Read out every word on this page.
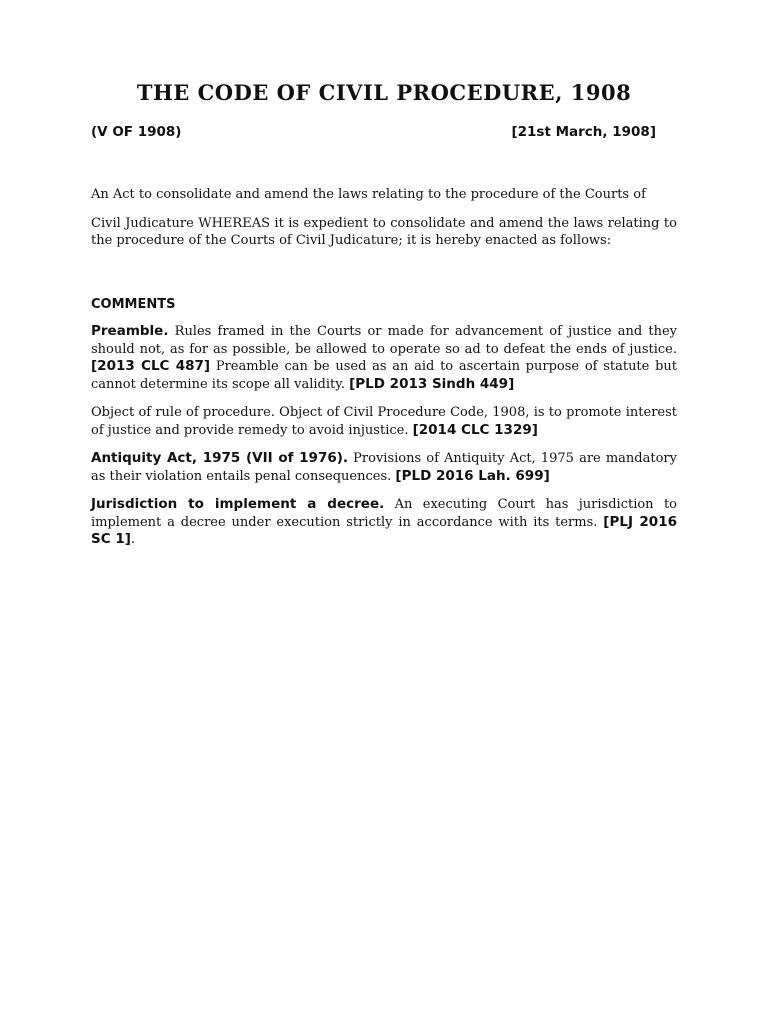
THE CODE OF CIVIL PROCEDURE, 1908
(V OF 1908)	[21st March, 1908]

An Act to consolidate and amend the laws relating to the procedure of the Courts of

Civil Judicature WHEREAS it is expedient to consolidate and amend the laws relating to the procedure of the Courts of Civil Judicature; it is hereby enacted as follows:

COMMENTS

Preamble. Rules framed in the Courts or made for advancement of justice and they should not, as for as possible, be allowed to operate so ad to defeat the ends of justice. [2013 CLC 487] Preamble can be used as an aid to ascertain purpose of statute but cannot determine its scope all validity. [PLD 2013 Sindh 449]

Object of rule of procedure. Object of Civil Procedure Code, 1908, is to promote interest of justice and provide remedy to avoid injustice. [2014 CLC 1329]

Antiquity Act, 1975 (VII of 1976). Provisions of Antiquity Act, 1975 are mandatory as their violation entails penal consequences. [PLD 2016 Lah. 699]

Jurisdiction to implement a decree. An executing Court has jurisdiction to implement a decree under execution strictly in accordance with its terms. [PLJ 2016 SC 1].
